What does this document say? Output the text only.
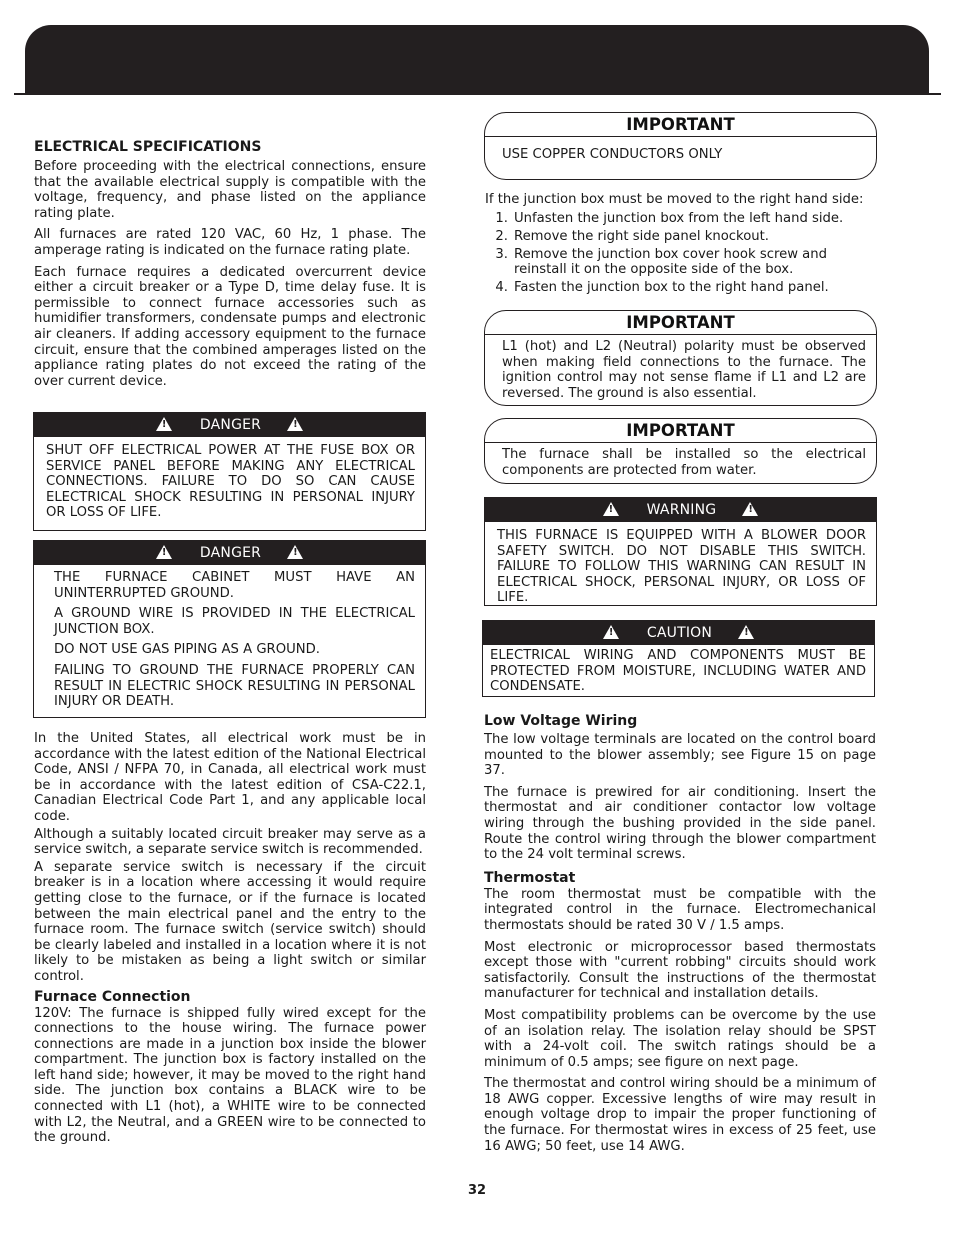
ELECTRICAL SPECIFICATIONS

Before proceeding with the electrical connections, ensure that the available electrical supply is compatible with the voltage, frequency, and phase listed on the appliance rating plate.

All furnaces are rated 120 VAC, 60 Hz, 1 phase. The amperage rating is indicated on the furnace rating plate.

Each furnace requires a dedicated overcurrent device either a circuit breaker or a Type D, time delay fuse. It is permissible to connect furnace accessories such as humidifier transformers, condensate pumps and electronic air cleaners. If adding accessory equipment to the furnace circuit, ensure that the combined amperages listed on the appliance rating plates do not exceed the rating of the over current device.

!DANGER!
SHUT OFF ELECTRICAL POWER AT THE FUSE BOX OR SERVICE PANEL BEFORE MAKING ANY ELECTRICAL CONNECTIONS. FAILURE TO DO SO CAN CAUSE ELECTRICAL SHOCK RESULTING IN PERSONAL INJURY OR LOSS OF LIFE.
!DANGER!

THE FURNACE CABINET MUST HAVE AN UNINTERRUPTED GROUND.

A GROUND WIRE IS PROVIDED IN THE ELECTRICAL JUNCTION BOX.

DO NOT USE GAS PIPING AS A GROUND.

FAILING TO GROUND THE FURNACE PROPERLY CAN RESULT IN ELECTRIC SHOCK RESULTING IN PERSONAL INJURY OR DEATH.

In the United States, all electrical work must be in accordance with the latest edition of the National Electrical Code, ANSI / NFPA 70, in Canada, all electrical work must be in accordance with the latest edition of CSA-C22.1, Canadian Electrical Code Part 1, and any applicable local code.

Although a suitably located circuit breaker may serve as a service switch, a separate service switch is recommended.

A separate service switch is necessary if the circuit breaker is in a location where accessing it would require getting close to the furnace, or if the furnace is located between the main electrical panel and the entry to the furnace room. The furnace switch (service switch) should be clearly labeled and installed in a location where it is not likely to be mistaken as being a light switch or similar control.

Furnace Connection

120V: The furnace is shipped fully wired except for the connections to the house wiring. The furnace power connections are made in a junction box inside the blower compartment. The junction box is factory installed on the left hand side; however, it may be moved to the right hand side. The junction box contains a BLACK wire to be connected with L1 (hot), a WHITE wire to be connected with L2, the Neutral, and a GREEN wire to be connected to the ground.

IMPORTANT
USE COPPER CONDUCTORS ONLY

If the junction box must be moved to the right hand side:

1. Unfasten the junction box from the left hand side.
2. Remove the right side panel knockout.
3. Remove the junction box cover hook screw and reinstall it on the opposite side of the box.
4. Fasten the junction box to the right hand panel.
IMPORTANT
L1 (hot) and L2 (Neutral) polarity must be observed when making field connections to the furnace. The ignition control may not sense flame if L1 and L2 are reversed. The ground is also essential.
IMPORTANT
The furnace shall be installed so the electrical components are protected from water.
!WARNING!
THIS FURNACE IS EQUIPPED WITH A BLOWER DOOR SAFETY SWITCH. DO NOT DISABLE THIS SWITCH. FAILURE TO FOLLOW THIS WARNING CAN RESULT IN ELECTRICAL SHOCK, PERSONAL INJURY, OR LOSS OF LIFE.
!CAUTION!
ELECTRICAL WIRING AND COMPONENTS MUST BE PROTECTED FROM MOISTURE, INCLUDING WATER AND CONDENSATE.
Low Voltage Wiring

The low voltage terminals are located on the control board mounted to the blower assembly; see Figure 15 on page 37.

The furnace is prewired for air conditioning. Insert the thermostat and air conditioner contactor low voltage wiring through the bushing provided in the side panel. Route the control wiring through the blower compartment to the 24 volt terminal screws.

Thermostat

The room thermostat must be compatible with the integrated control in the furnace. Electromechanical thermostats should be rated 30 V / 1.5 amps.

Most electronic or microprocessor based thermostats except those with "current robbing" circuits should work satisfactorily. Consult the instructions of the thermostat manufacturer for technical and installation details.

Most compatibility problems can be overcome by the use of an isolation relay. The isolation relay should be SPST with a 24-volt coil. The switch ratings should be a minimum of 0.5 amps; see figure on next page.

The thermostat and control wiring should be a minimum of 18 AWG copper. Excessive lengths of wire may result in enough voltage drop to impair the proper functioning of the furnace. For thermostat wires in excess of 25 feet, use 16 AWG; 50 feet, use 14 AWG.

32
